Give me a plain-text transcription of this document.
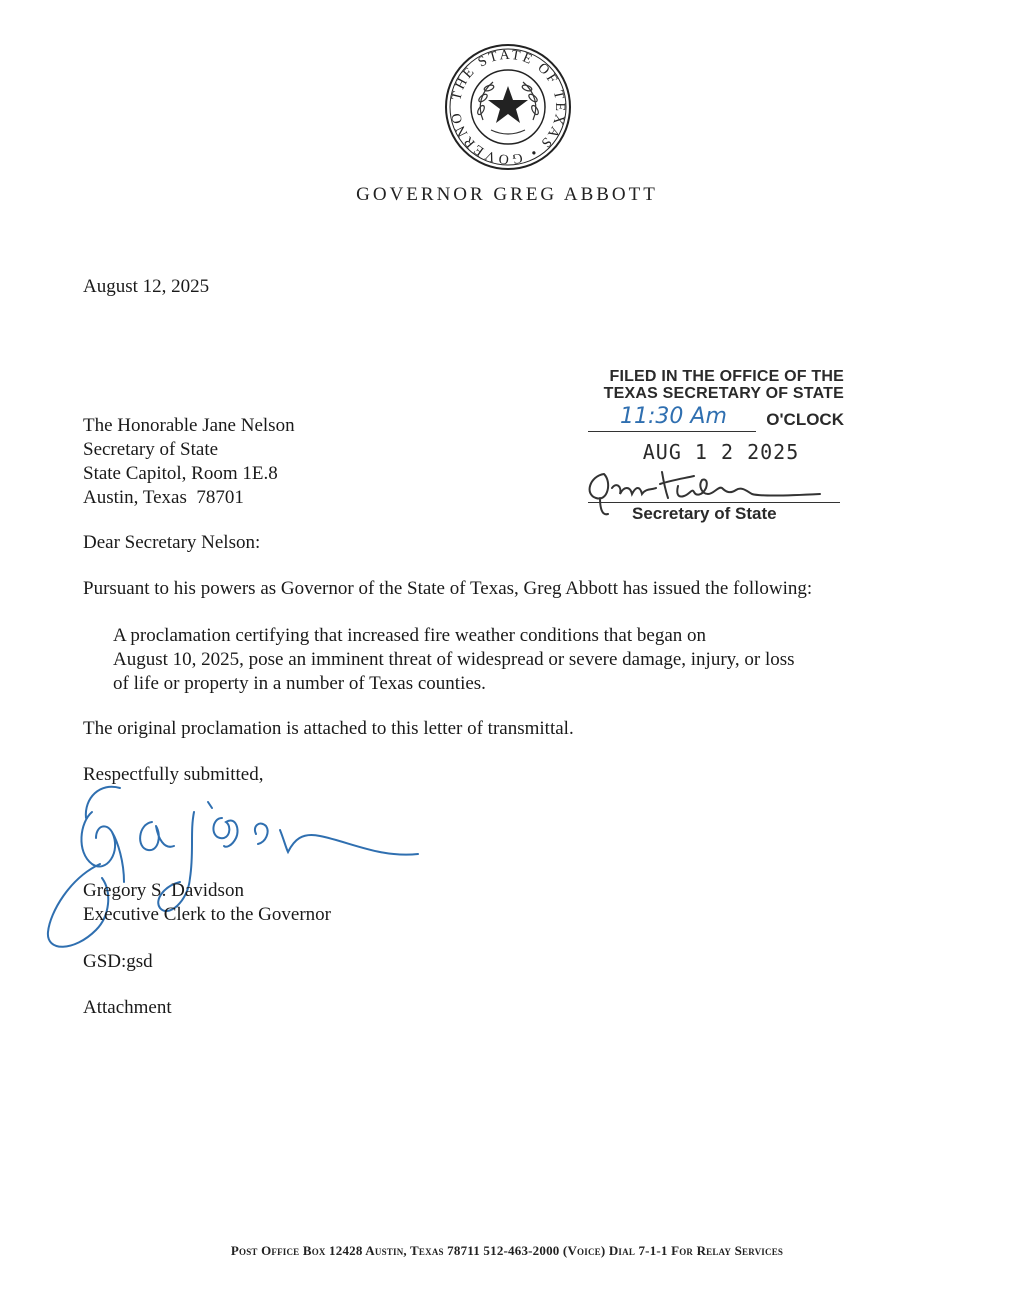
THE STATE OF TEXAS • GOVERNO
GOVERNOR GREG ABBOTT
August 12, 2025
FILED IN THE OFFICE OF THE
TEXAS SECRETARY OF STATE
11:30 Am O'CLOCK
AUG 1 2 2025
Secretary of State
The Honorable Jane Nelson
Secretary of State
State Capitol, Room 1E.8
Austin, Texas  78701
Dear Secretary Nelson:
Pursuant to his powers as Governor of the State of Texas, Greg Abbott has issued the following:
A proclamation certifying that increased fire weather conditions that began on
August 10, 2025, pose an imminent threat of widespread or severe damage, injury, or loss
of life or property in a number of Texas counties.
The original proclamation is attached to this letter of transmittal.
Respectfully submitted,
Gregory S. Davidson
Executive Clerk to the Governor
GSD:gsd
Attachment
Post Office Box 12428 Austin, Texas 78711 512-463-2000 (Voice) Dial 7-1-1 For Relay Services
